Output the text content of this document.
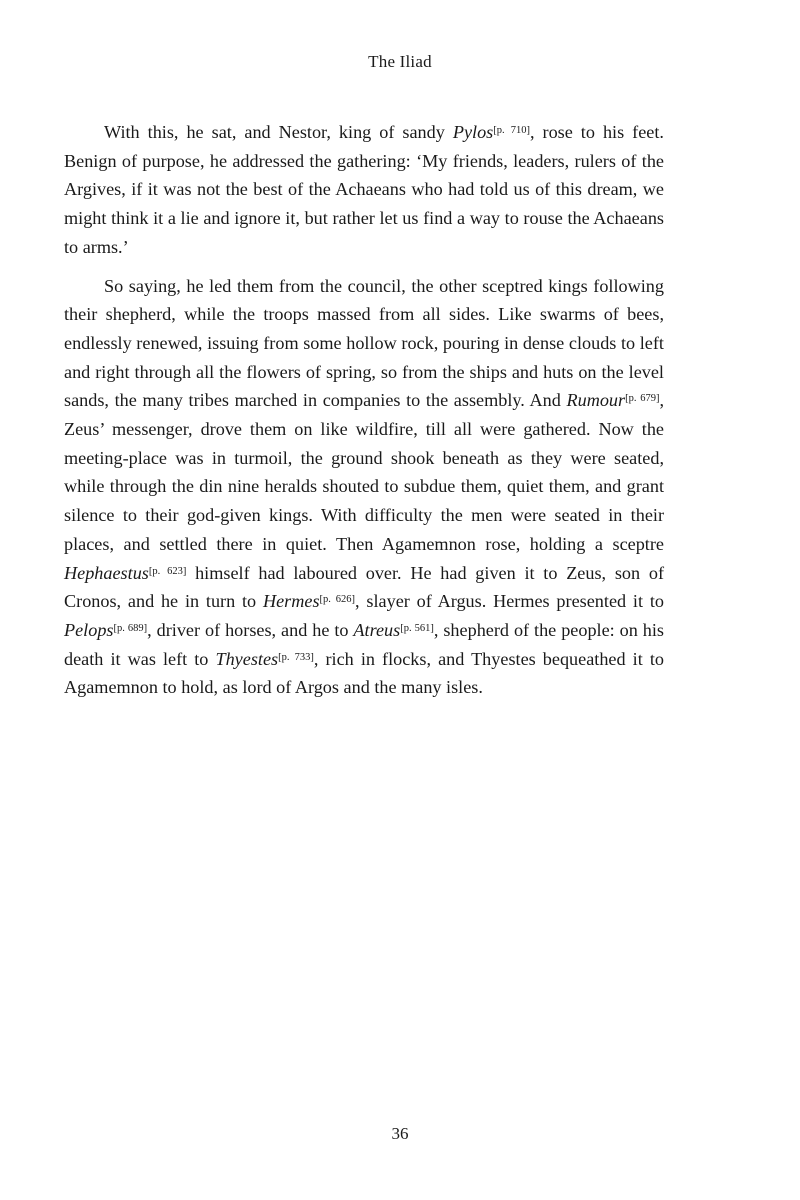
The Iliad

With this, he sat, and Nestor, king of sandy Pylos[p. 710], rose to his feet. Benign of purpose, he addressed the gathering: ‘My friends, leaders, rulers of the Argives, if it was not the best of the Achaeans who had told us of this dream, we might think it a lie and ignore it, but rather let us find a way to rouse the Achaeans to arms.’

So saying, he led them from the council, the other sceptred kings following their shepherd, while the troops massed from all sides. Like swarms of bees, endlessly renewed, issuing from some hollow rock, pouring in dense clouds to left and right through all the flowers of spring, so from the ships and huts on the level sands, the many tribes marched in companies to the assembly. And Rumour[p. 679], Zeus’ messenger, drove them on like wildfire, till all were gathered. Now the meeting-place was in turmoil, the ground shook beneath as they were seated, while through the din nine heralds shouted to subdue them, quiet them, and grant silence to their god-given kings. With difficulty the men were seated in their places, and settled there in quiet. Then Agamemnon rose, holding a sceptre Hephaestus[p. 623] himself had laboured over. He had given it to Zeus, son of Cronos, and he in turn to Hermes[p. 626], slayer of Argus. Hermes presented it to Pelops[p. 689], driver of horses, and he to Atreus[p. 561], shepherd of the people: on his death it was left to Thyestes[p. 733], rich in flocks, and Thyestes bequeathed it to Agamemnon to hold, as lord of Argos and the many isles.

36
